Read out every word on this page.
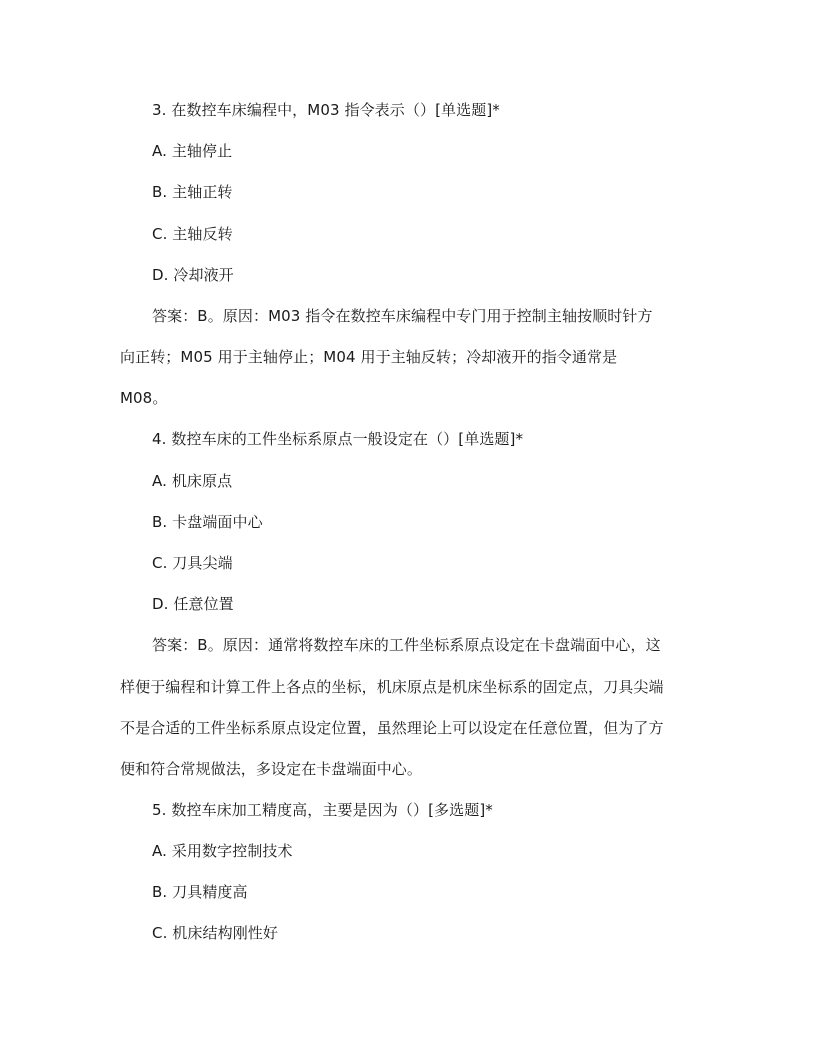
3. 在数控车床编程中，M03 指令表示（）[单选题]*
A. 主轴停止
B. 主轴正转
C. 主轴反转
D. 冷却液开
答案：B。原因：M03 指令在数控车床编程中专门用于控制主轴按顺时针方
向正转；M05 用于主轴停止；M04 用于主轴反转；冷却液开的指令通常是
M08。
4. 数控车床的工件坐标系原点一般设定在（）[单选题]*
A. 机床原点
B. 卡盘端面中心
C. 刀具尖端
D. 任意位置
答案：B。原因：通常将数控车床的工件坐标系原点设定在卡盘端面中心，这
样便于编程和计算工件上各点的坐标，机床原点是机床坐标系的固定点，刀具尖端
不是合适的工件坐标系原点设定位置，虽然理论上可以设定在任意位置，但为了方
便和符合常规做法，多设定在卡盘端面中心。
5. 数控车床加工精度高，主要是因为（）[多选题]*
A. 采用数字控制技术
B. 刀具精度高
C. 机床结构刚性好
